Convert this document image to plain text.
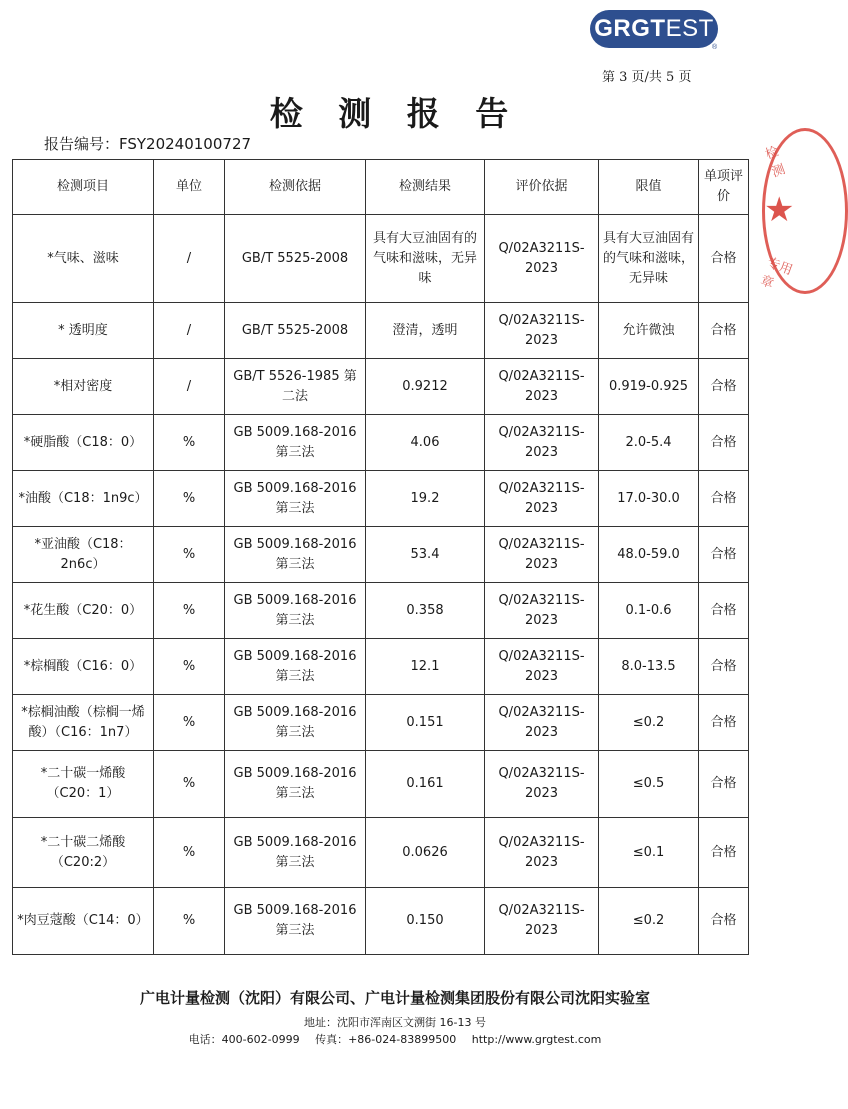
GRGT EST
®
第 3 页/共 5 页
检 测 报 告
报告编号：FSY20240100727
★
检测
专用章
检测项目	单位	检测依据	检测结果	评价依据	限值	单项评价
*气味、滋味	/	GB/T 5525-2008	具有大豆油固有的气味和滋味，无异味	Q/02A3211S-2023	具有大豆油固有的气味和滋味，无异味	合格
* 透明度	/	GB/T 5525-2008	澄清，透明	Q/02A3211S-2023	允许微浊	合格
*相对密度	/	GB/T 5526-1985 第二法	0.9212	Q/02A3211S-2023	0.919-0.925	合格
*硬脂酸（C18：0）	%	GB 5009.168-2016 第三法	4.06	Q/02A3211S-2023	2.0-5.4	合格
*油酸（C18：1n9c）	%	GB 5009.168-2016 第三法	19.2	Q/02A3211S-2023	17.0-30.0	合格
*亚油酸（C18：2n6c）	%	GB 5009.168-2016 第三法	53.4	Q/02A3211S-2023	48.0-59.0	合格
*花生酸（C20：0）	%	GB 5009.168-2016 第三法	0.358	Q/02A3211S-2023	0.1-0.6	合格
*棕榈酸（C16：0）	%	GB 5009.168-2016 第三法	12.1	Q/02A3211S-2023	8.0-13.5	合格
*棕榈油酸（棕榈一烯酸）（C16：1n7）	%	GB 5009.168-2016 第三法	0.151	Q/02A3211S-2023	≤0.2	合格
*二十碳一烯酸（C20：1）	%	GB 5009.168-2016 第三法	0.161	Q/02A3211S-2023	≤0.5	合格
*二十碳二烯酸（C20:2）	%	GB 5009.168-2016 第三法	0.0626	Q/02A3211S-2023	≤0.1	合格
*肉豆蔻酸（C14：0）	%	GB 5009.168-2016 第三法	0.150	Q/02A3211S-2023	≤0.2	合格
广电计量检测（沈阳）有限公司、广电计量检测集团股份有限公司沈阳实验室
地址：沈阳市浑南区文溯街 16-13 号
电话：400-602-0999 传真：+86-024-83899500 http://www.grgtest.com
